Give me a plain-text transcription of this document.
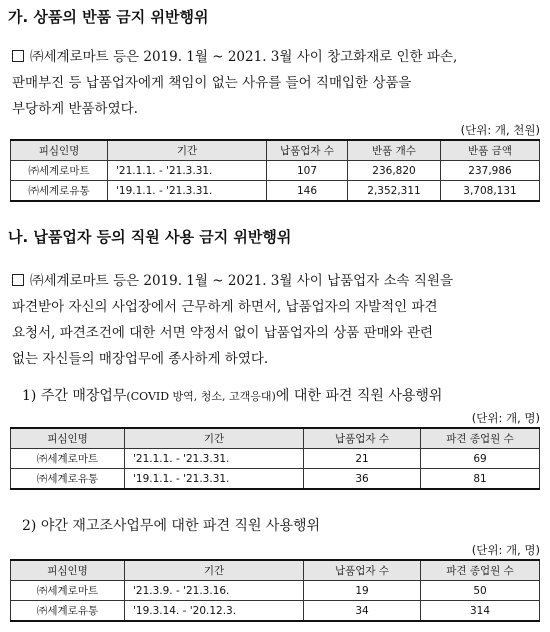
가. 상품의 반품 금지 위반행위
㈜세계로마트 등은 2019. 1월 ~ 2021. 3월 사이 창고화재로 인한 파손,
판매부진 등 납품업자에게 책임이 없는 사유를 들어 직매입한 상품을
부당하게 반품하였다.
(단위: 개, 천원)
피심인명	기간	납품업자 수	반품 개수	반품 금액
㈜세계로마트	'21.1.1. - '21.3.31.	107	236,820	237,986
㈜세계로유통	'19.1.1. - '21.3.31.	146	2,352,311	3,708,131
나. 납품업자 등의 직원 사용 금지 위반행위
㈜세계로마트 등은 2019. 1월 ~ 2021. 3월 사이 납품업자 소속 직원을
파견받아 자신의 사업장에서 근무하게 하면서, 납품업자의 자발적인 파견
요청서, 파견조건에 대한 서면 약정서 없이 납품업자의 상품 판매와 관련
없는 자신들의 매장업무에 종사하게 하였다.
1) 주간 매장업무(COVID 방역, 청소, 고객응대)에 대한 파견 직원 사용행위
(단위: 개, 명)
피심인명	기간	납품업자 수	파견 종업원 수
㈜세계로마트	'21.1.1. - '21.3.31.	21	69
㈜세계로유통	'19.1.1. - '21.3.31.	36	81
2) 야간 재고조사업무에 대한 파견 직원 사용행위
(단위: 개, 명)
피심인명	기간	납품업자 수	파견 종업원 수
㈜세계로마트	'21.3.9. - '21.3.16.	19	50
㈜세계로유통	'19.3.14. - '20.12.3.	34	314
